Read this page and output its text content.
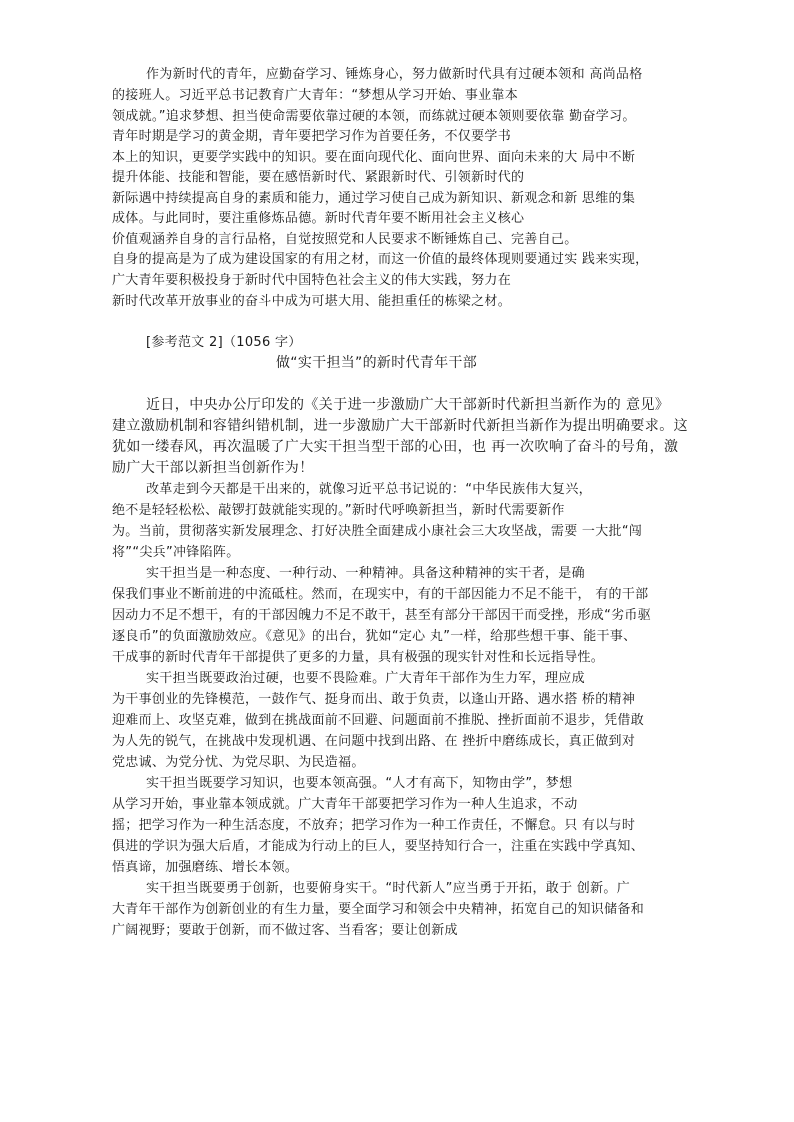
作为新时代的青年，应勤奋学习、锤炼身心，努力做新时代具有过硬本领和 高尚品格
的接班人。习近平总书记教育广大青年：“梦想从学习开始、事业靠本
领成就。”追求梦想、担当使命需要依靠过硬的本领，而练就过硬本领则要依靠 勤奋学习。
青年时期是学习的黄金期，青年要把学习作为首要任务，不仅要学书
本上的知识，更要学实践中的知识。要在面向现代化、面向世界、面向未来的大 局中不断
提升体能、技能和智能，要在感悟新时代、紧跟新时代、引领新时代的
新际遇中持续提高自身的素质和能力，通过学习使自己成为新知识、新观念和新 思维的集
成体。与此同时，要注重修炼品德。新时代青年要不断用社会主义核心
价值观涵养自身的言行品格，自觉按照党和人民要求不断锤炼自己、完善自己。
自身的提高是为了成为建设国家的有用之材，而这一价值的最终体现则要通过实 践来实现，
广大青年要积极投身于新时代中国特色社会主义的伟大实践，努力在
新时代改革开放事业的奋斗中成为可堪大用、能担重任的栋梁之材。
[参考范文 2]（1056 字）
做“实干担当”的新时代青年干部
近日，中央办公厅印发的《关于进一步激励广大干部新时代新担当新作为的 意见》
建立激励机制和容错纠错机制，进一步激励广大干部新时代新担当新作为提出明确要求。这
犹如一缕春风，再次温暖了广大实干担当型干部的心田，也 再一次吹响了奋斗的号角，激
励广大干部以新担当创新作为！
改革走到今天都是干出来的，就像习近平总书记说的：“中华民族伟大复兴，
绝不是轻轻松松、敲锣打鼓就能实现的。”新时代呼唤新担当，新时代需要新作
为。当前，贯彻落实新发展理念、打好决胜全面建成小康社会三大攻坚战，需要 一大批“闯
将”“尖兵”冲锋陷阵。
实干担当是一种态度、一种行动、一种精神。具备这种精神的实干者，是确
保我们事业不断前进的中流砥柱。然而，在现实中，有的干部因能力不足不能干， 有的干部
因动力不足不想干，有的干部因魄力不足不敢干，甚至有部分干部因干而受挫，形成“劣币驱
逐良币”的负面激励效应。《意见》的出台，犹如“定心 丸”一样，给那些想干事、能干事、
干成事的新时代青年干部提供了更多的力量，具有极强的现实针对性和长远指导性。
实干担当既要政治过硬，也要不畏险难。广大青年干部作为生力军，理应成
为干事创业的先锋模范，一鼓作气、挺身而出、敢于负责，以逢山开路、遇水搭 桥的精神
迎难而上、攻坚克难，做到在挑战面前不回避、问题面前不推脱、挫折面前不退步，凭借敢
为人先的锐气，在挑战中发现机遇、在问题中找到出路、在 挫折中磨练成长，真正做到对
党忠诚、为党分忧、为党尽职、为民造福。
实干担当既要学习知识，也要本领高强。“人才有高下，知物由学”，梦想
从学习开始，事业靠本领成就。广大青年干部要把学习作为一种人生追求，不动
摇；把学习作为一种生活态度，不放弃；把学习作为一种工作责任，不懈怠。只 有以与时
俱进的学识为强大后盾，才能成为行动上的巨人，要坚持知行合一，注重在实践中学真知、
悟真谛，加强磨练、增长本领。
实干担当既要勇于创新，也要俯身实干。“时代新人”应当勇于开拓，敢于 创新。广
大青年干部作为创新创业的有生力量，要全面学习和领会中央精神，拓宽自己的知识储备和
广阔视野；要敢于创新，而不做过客、当看客；要让创新成
